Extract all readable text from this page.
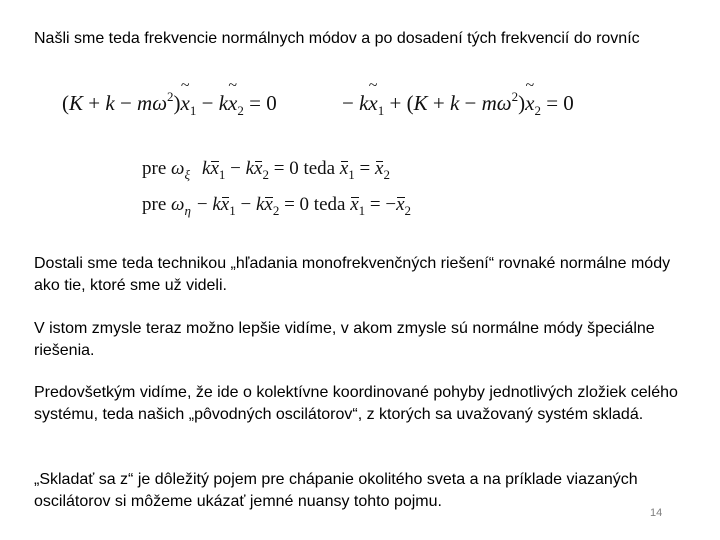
Našli sme teda frekvencie normálnych módov a po dosadení tých frekvencií do rovníc

$(K + k - m\omega^2)\sim$ $x_1$ − k~ $x_2 = 0$	− k~ $x_1 + (K + k$ − $m\omega^2)\sim$ $x_2 = 0$
pre $\omega_\xi$ $kx_1 - kx_2 = 0$ teda $x_1 = x_2$
pre $\omega_\eta - kx_1 - kx_2 = 0$ teda $x_1 = -x_2$

Dostali sme teda technikou „hľadania monofrekvenčných riešení“ rovnaké normálne módy ako tie, ktoré sme už videli.

V istom zmysle teraz možno lepšie vidíme, v akom zmysle sú normálne módy špeciálne riešenia.

Predovšetkým vidíme, že ide o kolektívne koordinované pohyby jednotlivých zložiek celého systému, teda našich „pôvodných oscilátorov“, z ktorých sa uvažovaný systém skladá.

„Skladať sa z“ je dôležitý pojem pre chápanie okolitého sveta a na príklade viazaných oscilátorov si môžeme ukázať jemné nuansy tohto pojmu.

14
